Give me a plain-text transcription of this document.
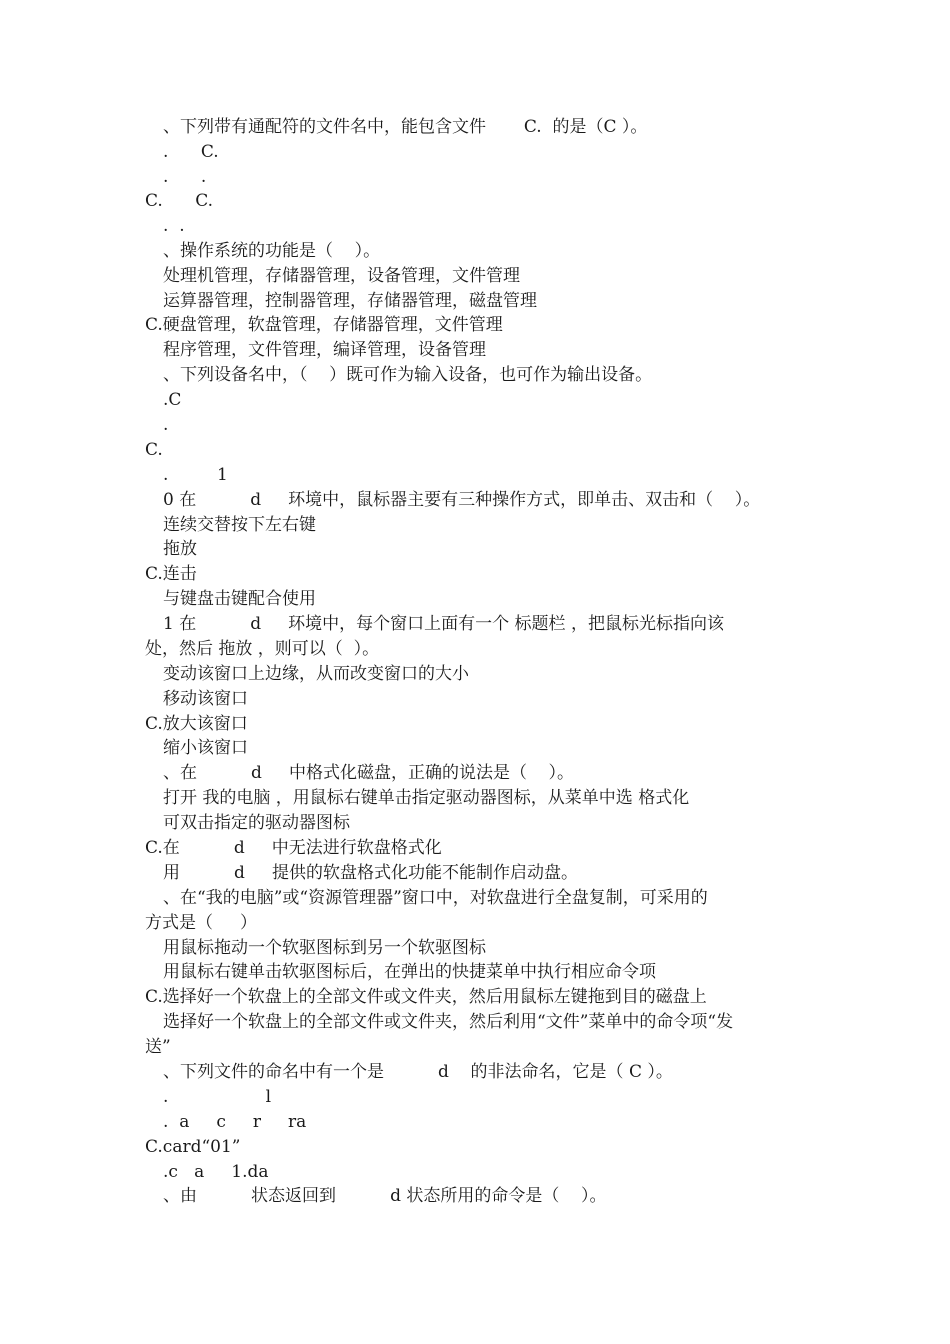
、下列带有通配符的文件名中，能包含文件       C.  的是（C ）。
.      C.
.      .
C.      C.
.  .
、操作系统的功能是（    ）。
处理机管理，存储器管理，设备管理，文件管理
运算器管理，控制器管理，存储器管理，磁盘管理
C.硬盘管理，软盘管理，存储器管理，文件管理
程序管理，文件管理，编译管理，设备管理
、下列设备名中，（    ）既可作为输入设备，也可作为输出设备。
.C
.
C.
.         1
0 在          d     环境中，鼠标器主要有三种操作方式，即单击、双击和（    ）。
连续交替按下左右键
拖放
C.连击
与键盘击键配合使用
1 在          d     环境中，每个窗口上面有一个 标题栏 ，把鼠标光标指向该
处，然后 拖放 ，则可以（  ）。
变动该窗口上边缘，从而改变窗口的大小
移动该窗口
C.放大该窗口
缩小该窗口
、在          d     中格式化磁盘，正确的说法是（    ）。
打开 我的电脑 ，用鼠标右键单击指定驱动器图标，从菜单中选 格式化
可双击指定的驱动器图标
C.在          d     中无法进行软盘格式化
用          d     提供的软盘格式化功能不能制作启动盘。
、在“我的电脑”或“资源管理器”窗口中，对软盘进行全盘复制，可采用的
方式是（     ）
用鼠标拖动一个软驱图标到另一个软驱图标
用鼠标右键单击软驱图标后，在弹出的快捷菜单中执行相应命令项
C.选择好一个软盘上的全部文件或文件夹，然后用鼠标左键拖到目的磁盘上
选择好一个软盘上的全部文件或文件夹，然后利用“文件”菜单中的命令项“发
送”
、下列文件的命名中有一个是          d    的非法命名，它是（ C ）。
.                  l
.  a     c     r     ra
C.card“01”
.c   a     1.da
、由          状态返回到          d 状态所用的命令是（    ）。
